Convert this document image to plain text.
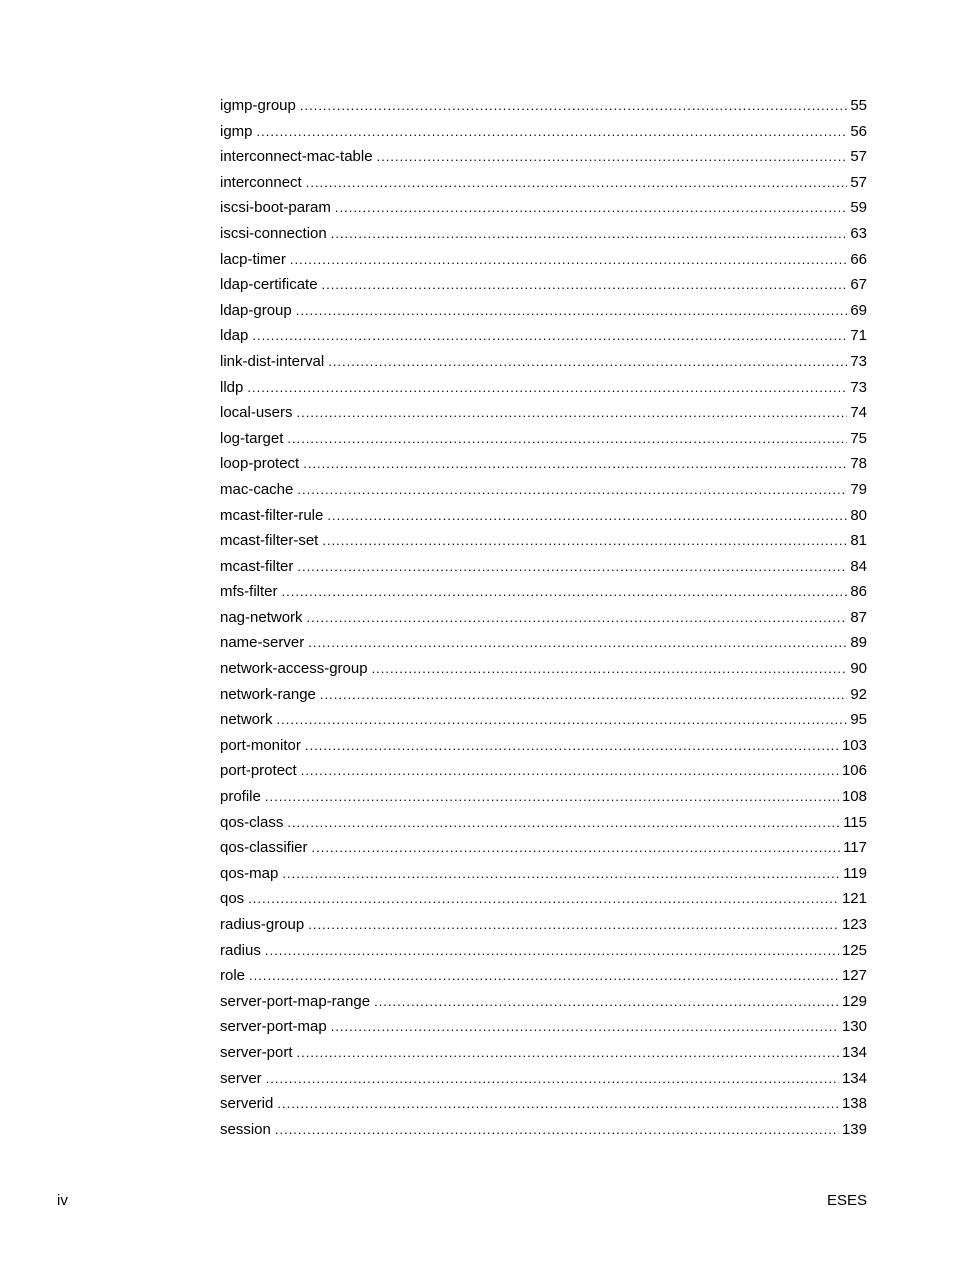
igmp-group .....	55
igmp .....	56
interconnect-mac-table .....	57
interconnect .....	57
iscsi-boot-param .....	59
iscsi-connection .....	63
lacp-timer .....	66
ldap-certificate .....	67
ldap-group .....	69
ldap .....	71
link-dist-interval .....	73
lldp .....	73
local-users .....	74
log-target .....	75
loop-protect .....	78
mac-cache .....	79
mcast-filter-rule .....	80
mcast-filter-set .....	81
mcast-filter .....	84
mfs-filter .....	86
nag-network .....	87
name-server .....	89
network-access-group .....	90
network-range .....	92
network .....	95
port-monitor .....	103
port-protect .....	106
profile .....	108
qos-class .....	115
qos-classifier .....	117
qos-map .....	119
qos .....	121
radius-group .....	123
radius .....	125
role .....	127
server-port-map-range .....	129
server-port-map .....	130
server-port .....	134
server .....	134
serverid .....	138
session .....	139
iv	ESES
